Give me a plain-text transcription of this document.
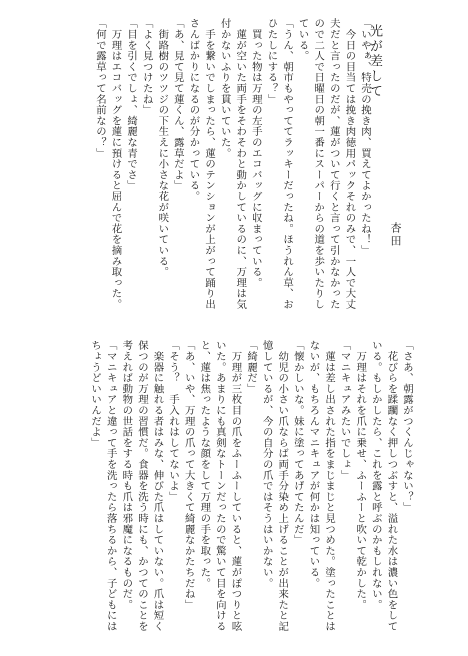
光が差して
杏田

「いやぁ、特売の挽き肉、買えてよかったね！」

　今日の目当ては挽き肉徳用パックそれのみで、一人で大丈夫だと言ったのだが、蓮がついて行くと言って引かなかったので二人で日曜日の朝一番にスーパーからの道を歩いたりしている。

「うん、朝市もやっててラッキーだったね。ほうれん草、おひたしにする？」

　買った物は万理の左手のエコバッグに収まっている。

　蓮が空いた両手をそわそわと動かしているのに、万理は気付かないふりを貫いていた。

　手を繋いでしまったら、蓮のテンションが上がって踊り出さんばかりになるのが分かっている。

「あ、見て見て蓮くん、露草だよ」

　街路樹のツツジの下生えに小さな花が咲いている。

「よく見つけたね」

「目を引くでしょ、綺麗な青でさ」

　万理はエコバッグを蓮に預けると屈んで花を摘み取った。

「何で露草って名前なの？」

「さあ、朝露がつくんじゃない？」

　花びらを蹂躙なく押しつぶすと、溢れた水は濃い色をしている。もしかしたら、これを露と呼ぶのかもしれない。

　万理はそれを爪に乗せ、ふーふーと吹いて乾かした。

「マニキュアみたいでしょ」

　蓮は差し出された指をまじまじと見つめた。塗ったことはないが、もちろんマニキュアが何かは知っている。

「懐かしいな。妹に塗ってあげてたんだ」

　幼児の小さい爪ならば両手分染め上げることが出来たと記憶しているが、今の自分の爪ではそうはいかない。

「綺麗だ」

　万理が三枚目の爪をふーふーしていると、蓮がぽつりと呟いた。あまりにも真剣なトーンだったので驚いて目を向けると、蓮は焦ったような顔をして万理の手を取った。

「あ、いや、万理の爪って大きくて綺麗なかたちだね」

「そう？　手入れはしてないよ」

　楽器に触れる者はみな、伸びた爪はしていない。爪は短く保つのが万理の習慣だ。食器を洗う時にも、かつてのことを考えれば動物の世話をする時も爪は邪魔になるものだ。

「マニキュアと違って手を洗ったら落ちるから、子どもにはちょうどいいんだよ」
